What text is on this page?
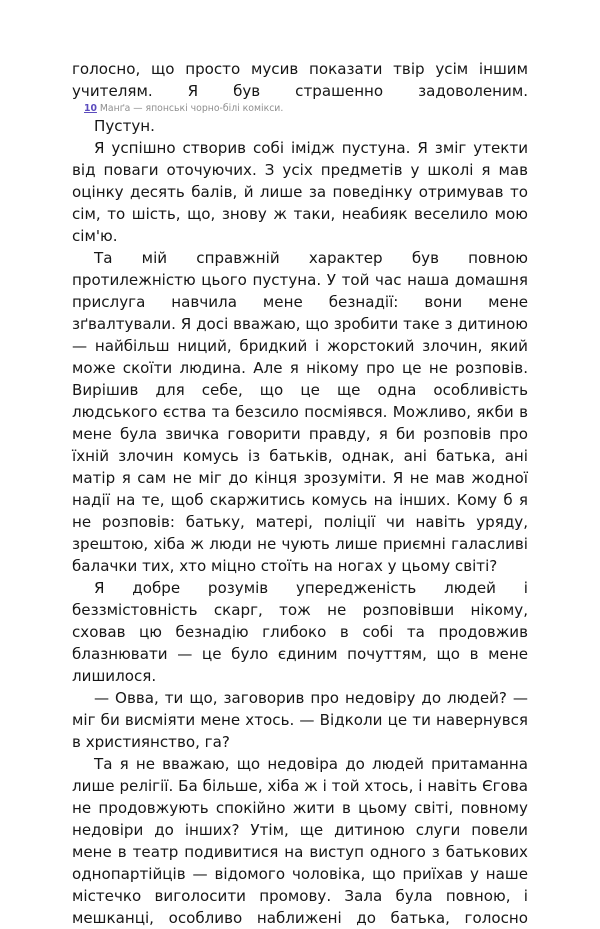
голосно, що просто мусив показати твір усім іншим учителям. Я був страшенно задоволеним.

10 Манґа — японські чорно-білі комікси.

Пустун.

Я успішно створив собі імідж пустуна. Я зміг утекти від поваги оточуючих. З усіх предметів у школі я мав оцінку десять балів, й лише за поведінку отримував то сім, то шість, що, знову ж таки, неабияк веселило мою сім'ю.

Та мій справжній характер був повною протилежністю цього пустуна. У той час наша домашня прислуга навчила мене безнадії: вони мене зґвалтували. Я досі вважаю, що зробити таке з дитиною — найбільш ниций, бридкий і жорстокий злочин, який може скоїти людина. Але я нікому про це не розповів. Вирішив для себе, що це ще одна особливість людського єства та безсило посміявся. Можливо, якби в мене була звичка говорити правду, я би розповів про їхній злочин комусь із батьків, однак, ані батька, ані матір я сам не міг до кінця зрозуміти. Я не мав жодної надії на те, щоб скаржитись комусь на інших. Кому б я не розповів: батьку, матері, поліції чи навіть уряду, зрештою, хіба ж люди не чують лише приємні галасливі балачки тих, хто міцно стоїть на ногах у цьому світі?

Я добре розумів упередженість людей і беззмістовність скарг, тож не розповівши нікому, сховав цю безнадію глибоко в собі та продовжив блазнювати — це було єдиним почуттям, що в мене лишилося.

— Овва, ти що, заговорив про недовіру до людей? — міг би висміяти мене хтось. — Відколи це ти навернувся в християнство, га?

Та я не вважаю, що недовіра до людей притаманна лише релігії. Ба більше, хіба ж і той хтось, і навіть Єгова не продовжують спокійно жити в цьому світі, повному недовіри до інших? Утім, ще дитиною слуги повели мене в театр подивитися на виступ одного з батькових однопартійців — відомого чоловіка, що приїхав у наше містечко виголосити промову. Зала була повною, і мешканці, особливо наближені до батька, голосно
